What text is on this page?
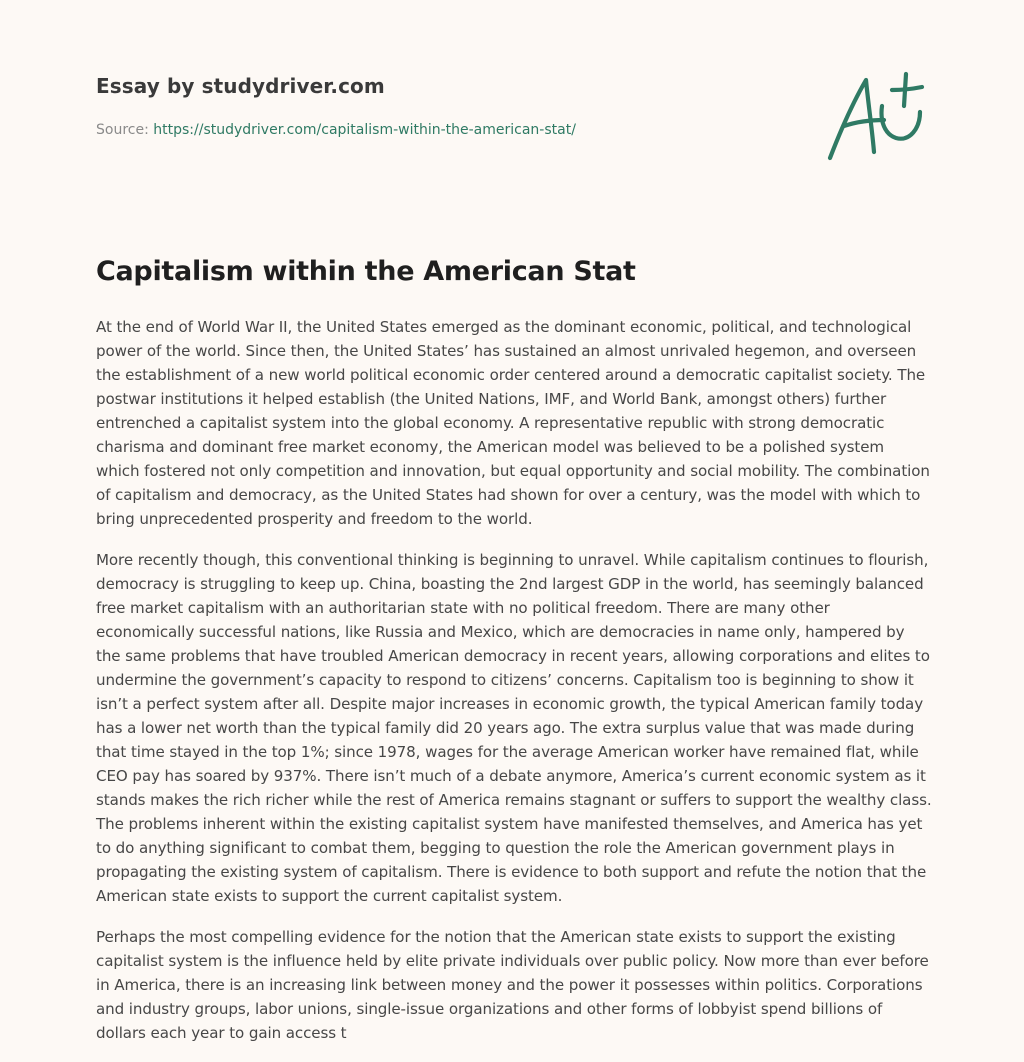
Essay by studydriver.com
Source: https://studydriver.com/capitalism-within-the-american-stat/
Capitalism within the American Stat

At the end of World War II, the United States emerged as the dominant economic, political, and technological power of the world. Since then, the United States’ has sustained an almost unrivaled hegemon, and overseen the establishment of a new world political economic order centered around a democratic capitalist society. The postwar institutions it helped establish (the United Nations, IMF, and World Bank, amongst others) further entrenched a capitalist system into the global economy. A representative republic with strong democratic charisma and dominant free market economy, the American model was believed to be a polished system which fostered not only competition and innovation, but equal opportunity and social mobility. The combination of capitalism and democracy, as the United States had shown for over a century, was the model with which to bring unprecedented prosperity and freedom to the world.

More recently though, this conventional thinking is beginning to unravel. While capitalism continues to flourish, democracy is struggling to keep up. China, boasting the 2nd largest GDP in the world, has seemingly balanced free market capitalism with an authoritarian state with no political freedom. There are many other economically successful nations, like Russia and Mexico, which are democracies in name only, hampered by the same problems that have troubled American democracy in recent years, allowing corporations and elites to undermine the government’s capacity to respond to citizens’ concerns. Capitalism too is beginning to show it isn’t a perfect system after all. Despite major increases in economic growth, the typical American family today has a lower net worth than the typical family did 20 years ago. The extra surplus value that was made during that time stayed in the top 1%; since 1978, wages for the average American worker have remained flat, while CEO pay has soared by 937%. There isn’t much of a debate anymore, America’s current economic system as it stands makes the rich richer while the rest of America remains stagnant or suffers to support the wealthy class. The problems inherent within the existing capitalist system have manifested themselves, and America has yet to do anything significant to combat them, begging to question the role the American government plays in propagating the existing system of capitalism. There is evidence to both support and refute the notion that the American state exists to support the current capitalist system.

Perhaps the most compelling evidence for the notion that the American state exists to support the existing capitalist system is the influence held by elite private individuals over public policy. Now more than ever before in America, there is an increasing link between money and the power it possesses within politics. Corporations and industry groups, labor unions, single-issue organizations and other forms of lobbyist spend billions of dollars each year to gain access t
